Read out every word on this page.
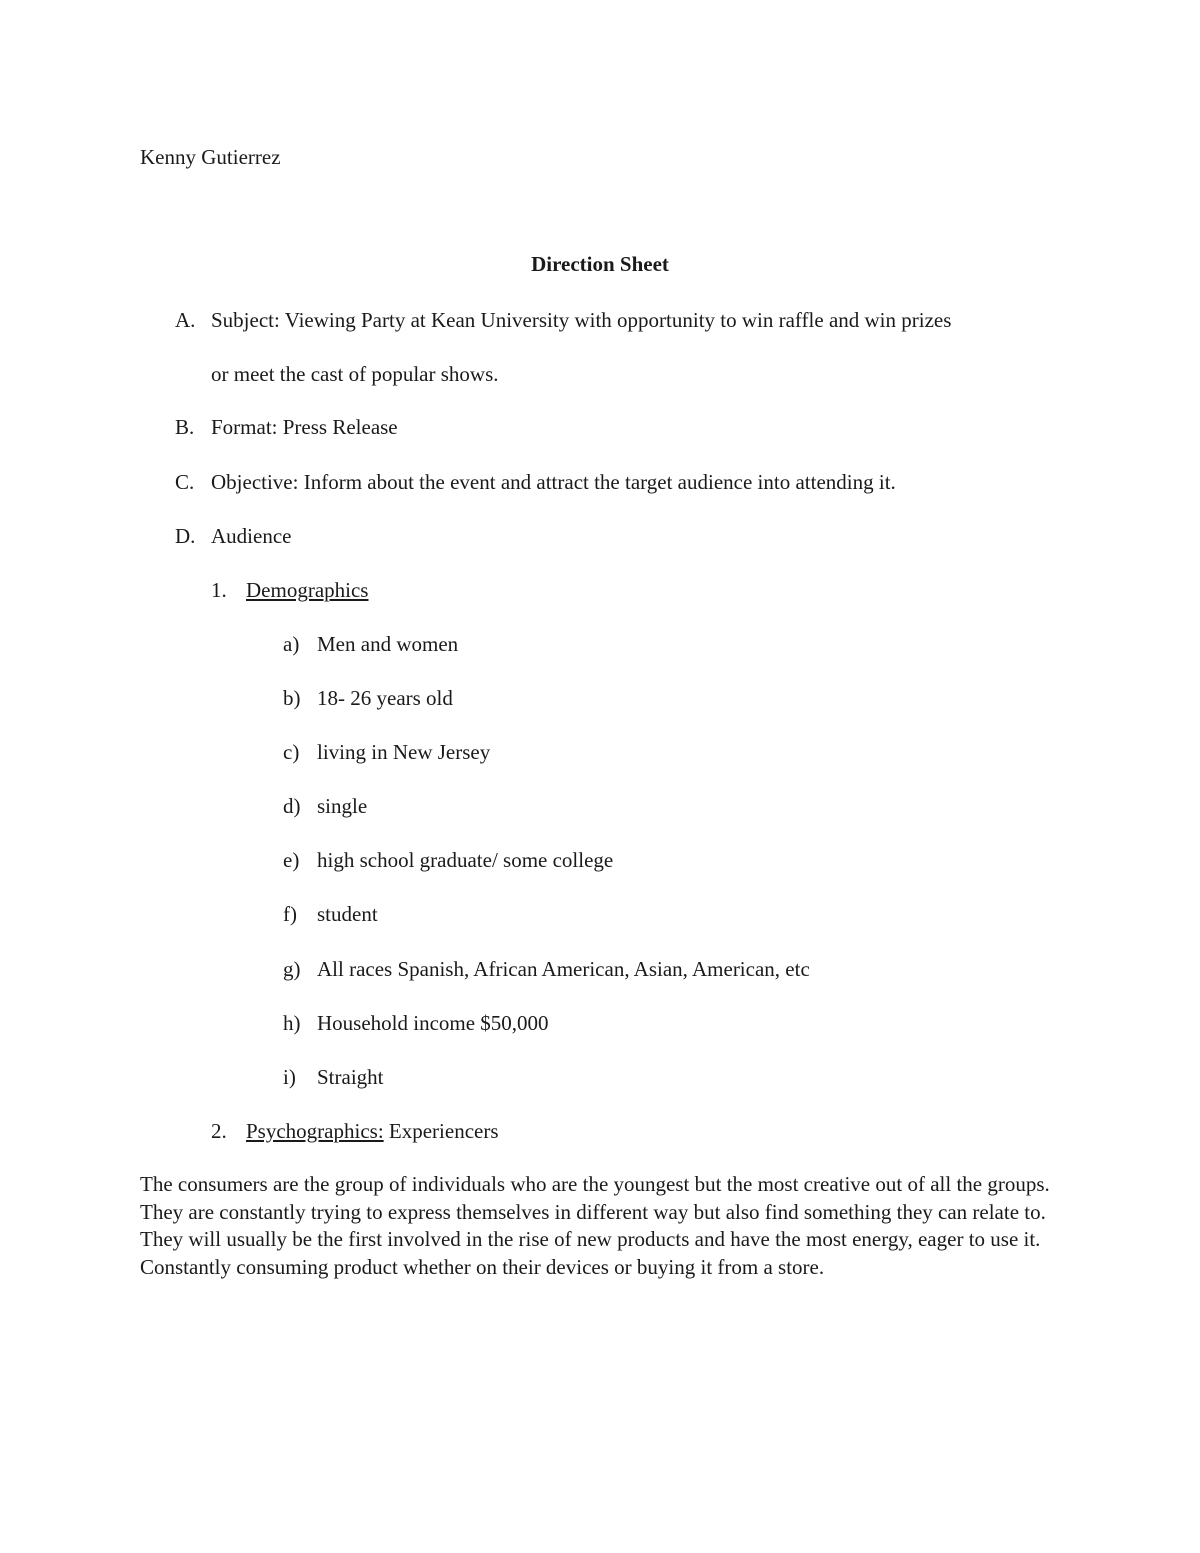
Kenny Gutierrez
Direction Sheet
A. Subject: Viewing Party at Kean University with opportunity to win raffle and win prizes
or meet the cast of popular shows.
B. Format: Press Release
C. Objective: Inform about the event and attract the target audience into attending it.
D. Audience
1. Demographics
a) Men and women
b) 18- 26 years old
c) living in New Jersey
d) single
e) high school graduate/ some college
f) student
g) All races Spanish, African American, Asian, American, etc
h) Household income $50,000
i) Straight
2. Psychographics: Experiencers
The consumers are the group of individuals who are the youngest but the most creative out of all the groups. They are constantly trying to express themselves in different way but also find something they can relate to. They will usually be the first involved in the rise of new products and have the most energy, eager to use it. Constantly consuming product whether on their devices or buying it from a store.
